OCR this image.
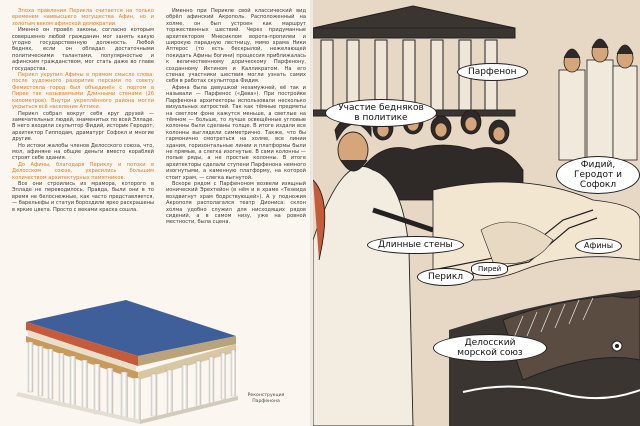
Эпоха правления Перикла считается на только временем наивысшего могущества Афин, но и золотым веком афинской демократии.

Именно он провёл законы, согласно которым совершенно любой гражданин мог занять какую угодно государственную должность. Любой беднях, если он обладал достаточными политическими талантами, популярностью и афинским гражданством, мог стать даже во главе государства.

Перикл укрупил Афины в прямом смысле слова: после художного разоритие персами по совету Фемистокла город был объединён с портом в Пирее так называемыми Длинными стенами (26 километров). Внутри укреплённого района могли укрыться всё население Аттики.

Перикл собрал вокруг себя круг друзей — замечательных людей, знаменитых по всей Элладе. В него входили скульптор Фидий, историк Геродот, архитектор Гипподам, драматург Софокл и многие другие.

Но истоки жалобы членов Делосского союза, что, мол, афиняне на общие деньги вместо кораблей строят себе здания.

До Афины, благодаря Периклу и потоки в Делосском союзе, украсились большим количеством архитектурных памятников.

Все они строились из мрамора, которого в Элладе не переводилось. Правда, были они в то время не белоснежные, как часто представляется, — барельефы и статуи бороздили ярко раскрашены в яркие цвета. Просто с веками краска сошла.

Именно при Перикле свой классический вид обрёл афинский Акрополь. Расположенный на холме, он был устроен как маршрут торжественных шествий. Через придуманные архитектором Мнесиклом ворота-пропилеи и широкую парадную лестницу, мимо храма Ники Аптерос (то есть бескрылой, нежелающей покидать Афины богини) процессия приближалась к величественному дорическому Парфенону, созданному Иктином и Калликратом. На его стенах участники шествия могли узнать самих себя в работах скульптора Фидия.

Афина была девушкой незамужней, её так и называли — Парфенос («Дева»). При постройке Парфенона архитекторы использовали несколько визуальных хитростей. Так как тёмные предметы на светлом фоне кажутся меньше, а светлые на тёмном — больше, то лучше освещённые угловые колонны были сделаны толще. В итоге издали все колонны выглядели симметрично. Также, что бы гармонично смотреться на холме, все линии здания, горизонтальные линии и платформы были не прямые, а слегка изогнутые. В сами колонны — полые ряды, а не простые колонны. В итоге архитекторы сделали ступени Парфенона немного изогнутыми, а каменную платформу, на которой стоит храм, — слегка выгнутой.

Вскоре рядом с Парфеноном возвели изящный ионический Эрехтейон (в нём и в храме «Тезеида воздвигнут храм бодрствующей»). А у подножия Акрополя располагался театр Диониса: склон холма удобно служил для нисходящих рядов сидений, а в самом низу, уже на ровной местности, была сцена.

Реконструкция Парфенона
Парфенон
Участие бедняков в политике
Фидий, Геродот и Софокл
Длинные стены	Афины
Пирей
Перикл
Делосский морской союз
